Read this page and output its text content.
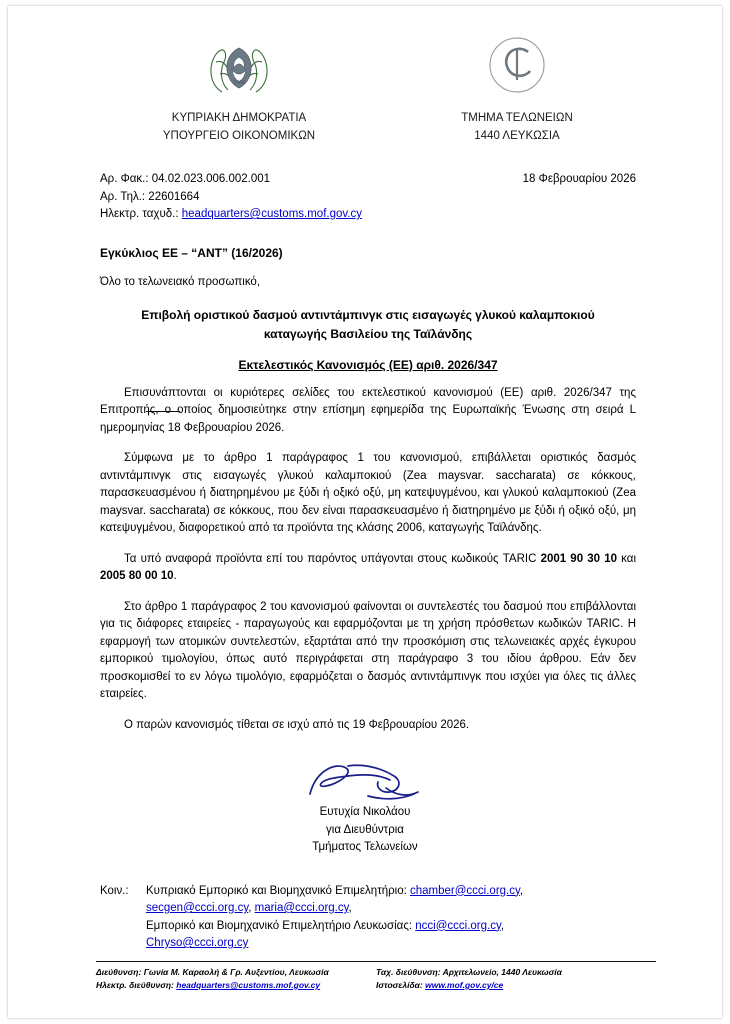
1960
ΚΥΠΡΙΑΚΗ ΔΗΜΟΚΡΑΤΙΑ
ΥΠΟΥΡΓΕΙΟ ΟΙΚΟΝΟΜΙΚΩΝ
ΤΜΗΜΑ ΤΕΛΩΝΕΙΩΝ
1440 ΛΕΥΚΩΣΙΑ
Αρ. Φακ.: 04.02.023.006.002.001
Αρ. Τηλ.: 22601664
Ηλεκτρ. ταχυδ.: headquarters@customs.mof.gov.cy
18 Φεβρουαρίου 2026
Εγκύκλιος ΕΕ – “ΑΝΤ” (16/2026)
Όλο το τελωνειακό προσωπικό,
Επιβολή οριστικού δασμού αντιντάμπινγκ στις εισαγωγές γλυκού καλαμποκιού
καταγωγής Βασιλείου της Ταϊλάνδης
Εκτελεστικός Κανονισμός (ΕΕ) αριθ. 2026/347

Επισυνάπτονται οι κυριότερες σελίδες του εκτελεστικού κανονισμού (ΕΕ) αριθ. 2026/347 της Επιτροπής, ο οποίος δημοσιεύτηκε στην επίσημη εφημερίδα της Ευρωπαϊκής Ένωσης στη σειρά L ημερομηνίας 18 Φεβρουαρίου 2026.

Σύμφωνα με το άρθρο 1 παράγραφος 1 του κανονισμού, επιβάλλεται οριστικός δασμός αντιντάμπινγκ στις εισαγωγές γλυκού καλαμποκιού (Zea maysvar. saccharata) σε κόκκους, παρασκευασμένου ή διατηρημένου με ξύδι ή οξικό οξύ, μη κατεψυγμένου, και γλυκού καλαμποκιού (Zea maysvar. saccharata) σε κόκκους, που δεν είναι παρασκευασμένο ή διατηρημένο με ξύδι ή οξικό οξύ, μη κατεψυγμένου, διαφορετικού από τα προϊόντα της κλάσης 2006, καταγωγής Ταϊλάνδης.

Τα υπό αναφορά προϊόντα επί του παρόντος υπάγονται στους κωδικούς TARIC 2001 90 30 10 και 2005 80 00 10.

Στο άρθρο 1 παράγραφος 2 του κανονισμού φαίνονται οι συντελεστές του δασμού που επιβάλλονται για τις διάφορες εταιρείες - παραγωγούς και εφαρμόζονται με τη χρήση πρόσθετων κωδικών TARIC. Η εφαρμογή των ατομικών συντελεστών, εξαρτάται από την προσκόμιση στις τελωνειακές αρχές έγκυρου εμπορικού τιμολογίου, όπως αυτό περιγράφεται στη παράγραφο 3 του ιδίου άρθρου. Εάν δεν προσκομισθεί το εν λόγω τιμολόγιο, εφαρμόζεται ο δασμός αντιντάμπινγκ που ισχύει για όλες τις άλλες εταιρείες.

Ο παρών κανονισμός τίθεται σε ισχύ από τις 19 Φεβρουαρίου 2026.

Ευτυχία Νικολάου
για Διευθύντρια
Τμήματος Τελωνείων
Κοιν.:	Κυπριακό Εμπορικό και Βιομηχανικό Επιμελητήριο: chamber@ccci.org.cy,
secgen@ccci.org.cy, maria@ccci.org.cy,
Εμπορικό και Βιομηχανικό Επιμελητήριο Λευκωσίας: ncci@ccci.org.cy,
Chryso@ccci.org.cy
Διεύθυνση: Γωνία Μ. Καραολή & Γρ. Αυξεντίου, Λευκωσία
Ηλεκτρ. διεύθυνση: headquarters@customs.mof.gov.cy
Ταχ. διεύθυνση: Αρχιτελωνείο, 1440 Λευκωσία
Ιστοσελίδα: www.mof.gov.cy/ce
